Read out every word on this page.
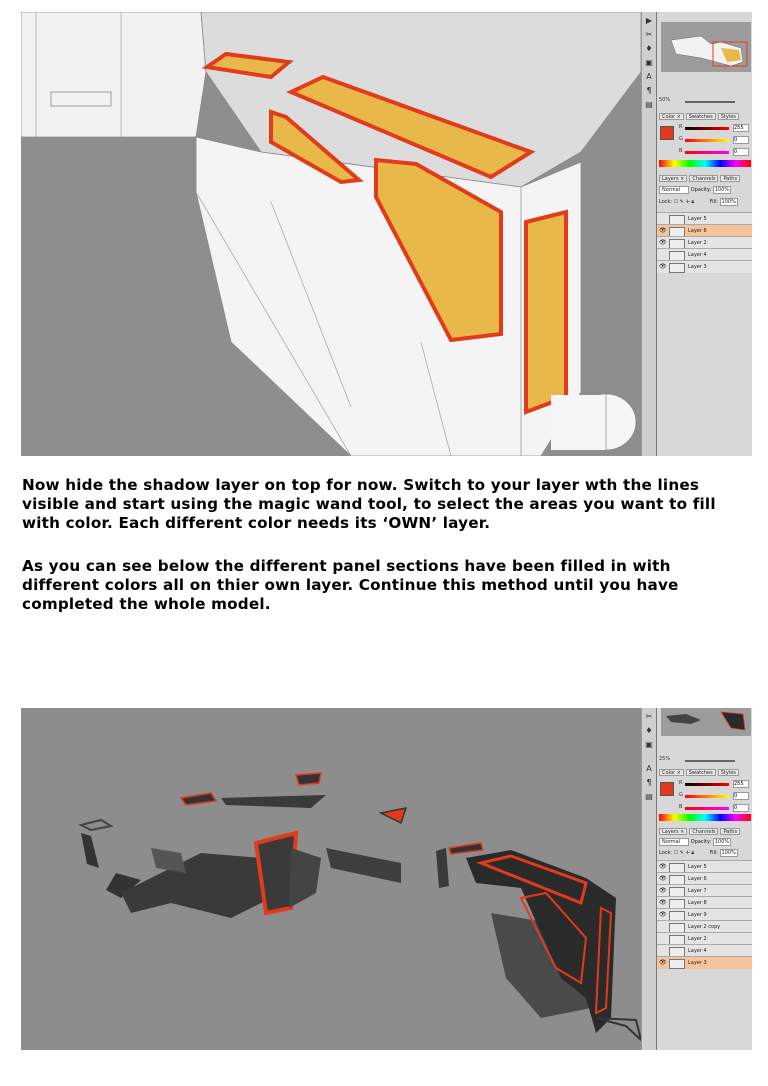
▶
✂
♦
▣
A
¶
▤ 50%
Color ×	Swatches	Styles
R	255
G	0
B	0
Layers ×	Channels	Paths
Normal Opacity: 100%
Lock: ☐ ✎ ✛ 🔒︎	Fill: 100%
Layer 5
👁︎	Layer 6
👁︎	Layer 2
Layer 4
👁︎	Layer 3

Now hide the shadow layer on top for now. Switch to your layer wth the lines visible and start using the magic wand tool, to select the areas you want to fill with color. Each different color needs its ‘OWN’ layer.

As you can see below the different panel sections have been filled in with different colors all on thier own layer. Continue this method until you have completed the whole model.

✂
♦
▣
A
¶
▤
25%
Color ×	Swatches	Styles
R	255
G	0
B	0
Layers ×	Channels	Paths
Normal Opacity: 100%
Lock: ☐ ✎ ✛ 🔒︎	Fill: 100%
👁︎	Layer 5
👁︎	Layer 6
👁︎	Layer 7
👁︎	Layer 8
👁︎	Layer 9
Layer 2 copy
Layer 2
Layer 4
👁︎	Layer 3
